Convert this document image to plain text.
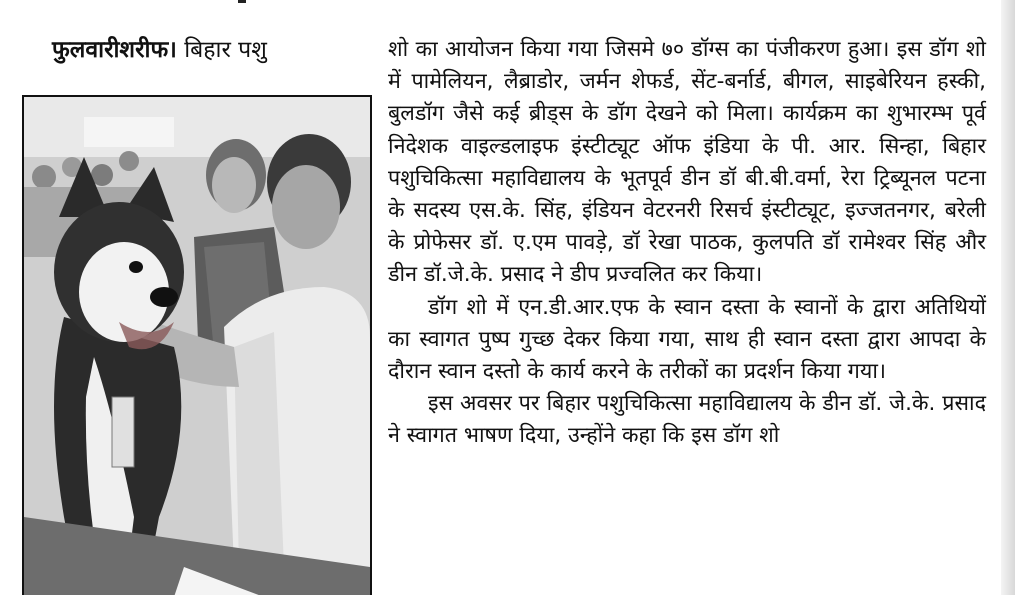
फुलवारीशरीफ। बिहार पशु	शो का आयोजन किया गया जिसमे ७० डॉग्स का पंजीकरण हुआ। इस डॉग शो में पामेलियन, लैब्राडोर, जर्मन शेफर्ड, सेंट-बर्नार्ड, बीगल, साइबेरियन हस्की, बुलडॉग जैसे कई ब्रीड्स के डॉग देखने को मिला। कार्यक्रम का शुभारम्भ पूर्व निदेशक वाइल्डलाइफ इंस्टीट्यूट ऑफ इंडिया के पी. आर. सिन्हा, बिहार पशुचिकित्सा महाविद्यालय के भूतपूर्व डीन डॉ बी.बी.वर्मा, रेरा ट्रिब्यूनल पटना के सदस्य एस.के. सिंह, इंडियन वेटरनरी रिसर्च इंस्टीट्यूट, इज्जतनगर, बरेली के प्रोफेसर डॉ. ए.एम पावड़े, डॉ रेखा पाठक, कुलपति डॉ रामेश्वर सिंह और डीन डॉ.जे.के. प्रसाद ने डीप प्रज्वलित कर किया।

डॉग शो में एन.डी.आर.एफ के स्वान दस्ता के स्वानों के द्वारा अतिथियों का स्वागत पुष्प गुच्छ देकर किया गया, साथ ही स्वान दस्ता द्वारा आपदा के दौरान स्वान दस्तो के कार्य करने के तरीकों का प्रदर्शन किया गया।

इस अवसर पर बिहार पशुचिकित्सा महाविद्यालय के डीन डॉ. जे.के. प्रसाद ने स्वागत भाषण दिया, उन्होंने कहा कि इस डॉग शो
